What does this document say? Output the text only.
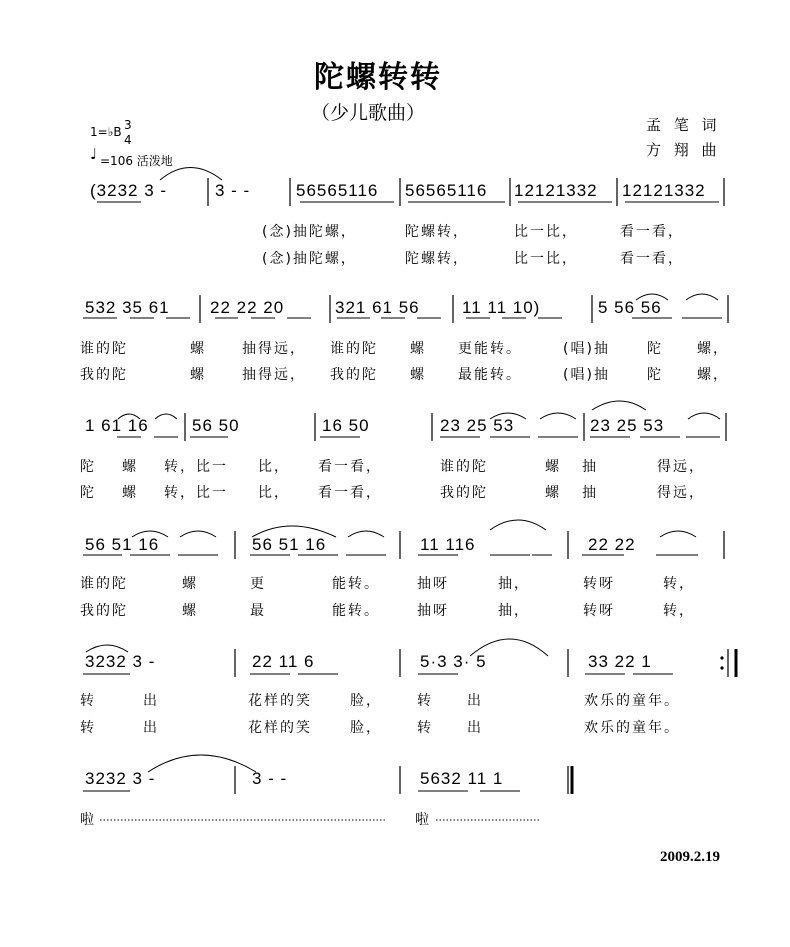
陀螺转转
（少儿歌曲）
孟 笔 词
方 翔 曲
1=♭B 3
4
♩ =106 活泼地
(3232 3 -	3 - -	56565116 56565116 12121332 12121332
(念)抽陀螺，	陀螺转，	比一比，	看一看，
(念)抽陀螺，	陀螺转，	比一比，	看一看，
532 35 61 22 22 20	321 61 56 11 11 10)	5 56 56
谁的陀	螺	抽得远， 谁的陀 螺 更能转。	(唱)抽	陀 螺，
我的陀	螺	抽得远， 我的陀 螺 最能转。	(唱)抽	陀 螺，
1 61 16	56 50	16 50	23 25 53	23 25 53
陀 螺 转，比一 比， 看一看，	谁的陀	螺 抽	得远，
陀 螺 转，比一 比， 看一看，	我的陀	螺 抽	得远，
56 51 16	56 51 16	11 116	22 22
谁的陀	螺	更	能转。	抽呀	抽，	转呀	转，
我的陀	螺	最	能转。	抽呀	抽，	转呀	转，
3232 3 -	22 11 6	5·3 3· 5	33 22 1
转	出	花样的笑	脸，	转 出	欢乐的童年。
转	出	花样的笑	脸，	转 出	欢乐的童年。
3232 3 -	3 - -	5632 11 1
啦	啦
2009.2.19
